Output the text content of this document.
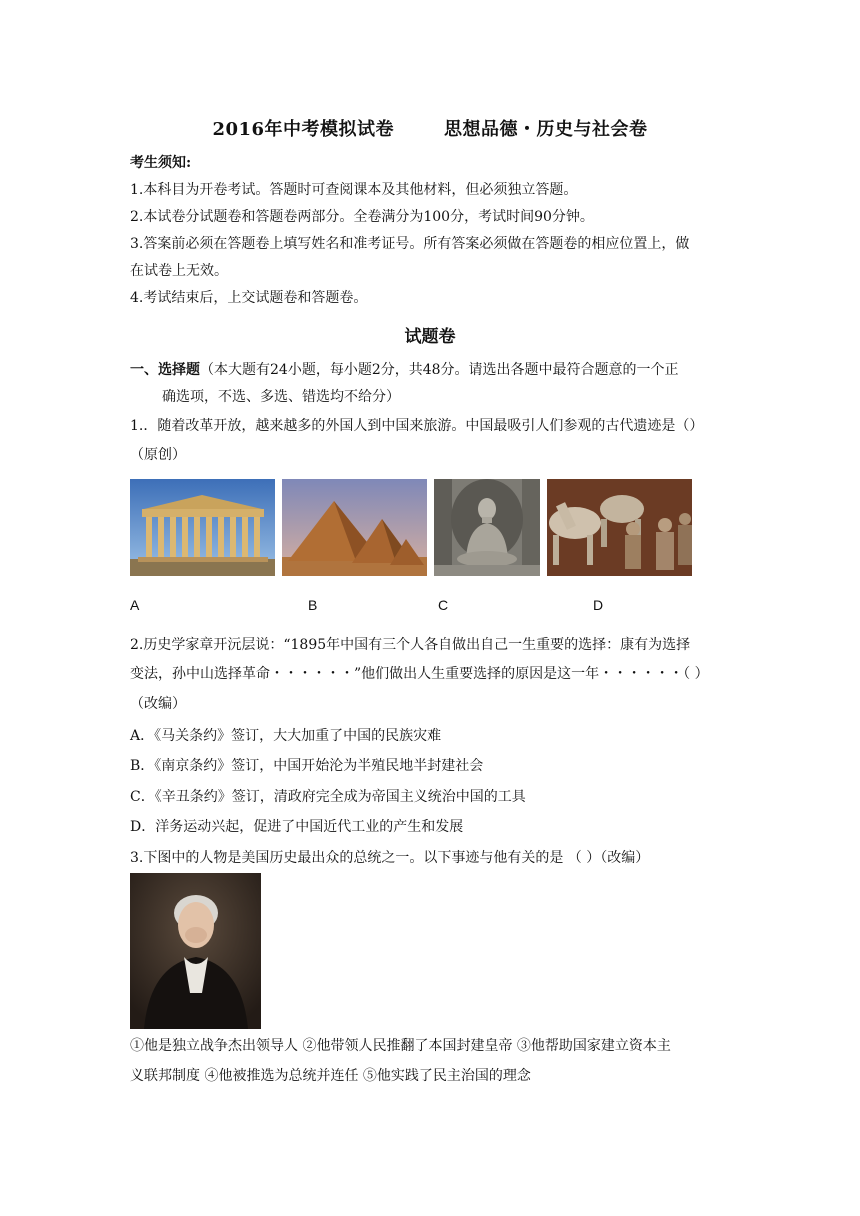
2016年中考模拟试卷	思想品德・历史与社会卷
考生须知:
1.本科目为开卷考试。答题时可查阅课本及其他材料，但必须独立答题。
2.本试卷分试题卷和答题卷两部分。全卷满分为100分，考试时间90分钟。
3.答案前必须在答题卷上填写姓名和准考证号。所有答案必须做在答题卷的相应位置上，做
在试卷上无效。
4.考试结束后，上交试题卷和答题卷。
试题卷
一、选择题（本大题有24小题，每小题2分，共48分。请选出各题中最符合题意的一个正
确选项，不选、多选、错选均不给分）
1.．随着改革开放，越来越多的外国人到中国来旅游。中国最吸引人们参观的古代遗迹是（）
（原创）
A	B	C	D
2.历史学家章开沅层说：“1895年中国有三个人各自做出自己一生重要的选择：康有为选择
变法，孙中山选择革命・・・・・・”他们做出人生重要选择的原因是这一年・・・・・・（ ）
（改编）
A．《马关条约》签订，大大加重了中国的民族灾难
B．《南京条约》签订，中国开始沦为半殖民地半封建社会
C．《辛丑条约》签订，清政府完全成为帝国主义统治中国的工具
D．洋务运动兴起，促进了中国近代工业的产生和发展
3.下图中的人物是美国历史最出众的总统之一。以下事迹与他有关的是 （ ）（改编）
①他是独立战争杰出领导人 ②他带领人民推翻了本国封建皇帝 ③他帮助国家建立资本主
义联邦制度 ④他被推选为总统并连任 ⑤他实践了民主治国的理念
